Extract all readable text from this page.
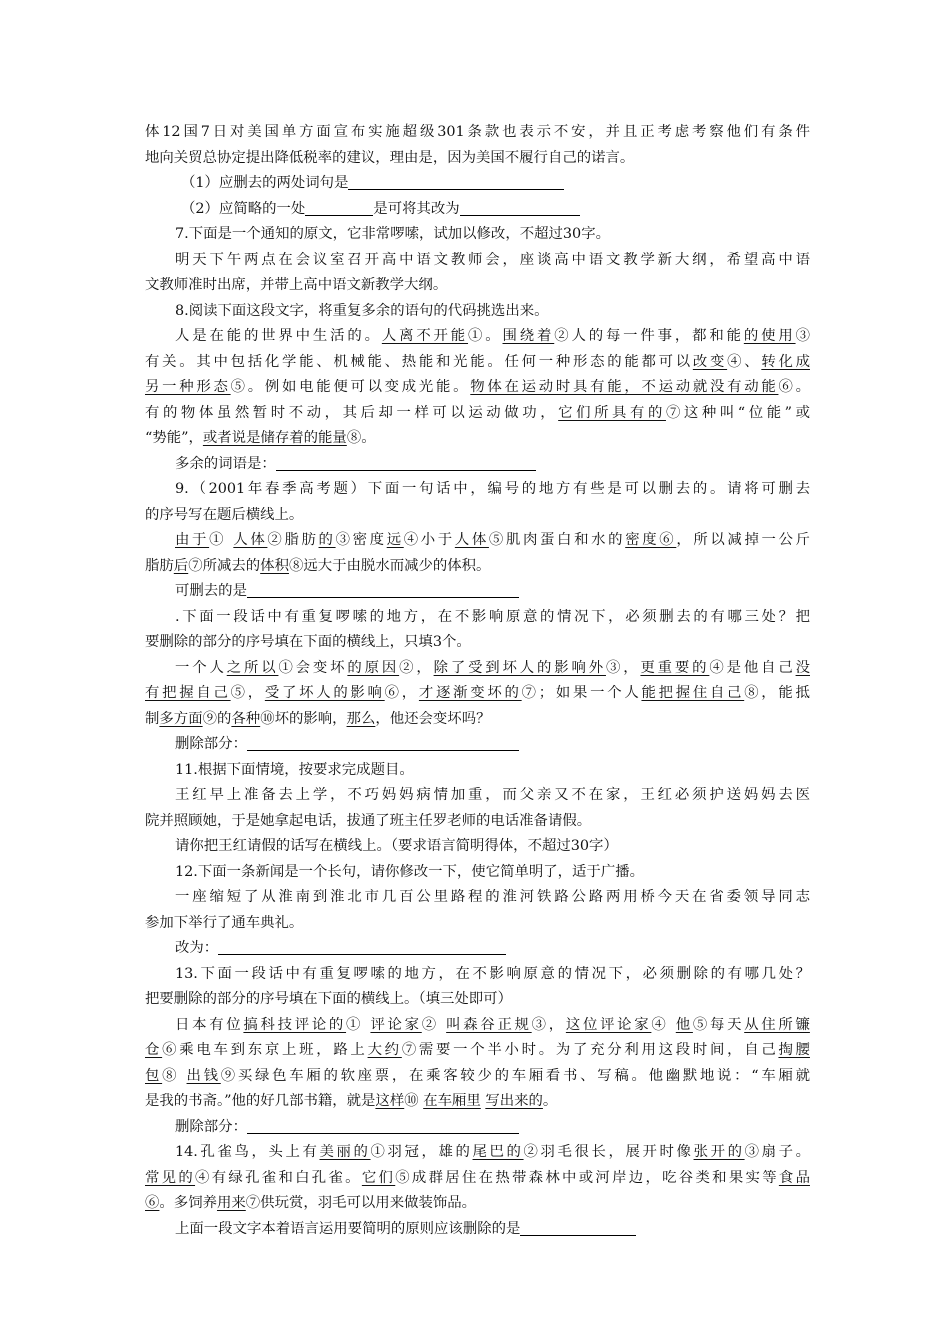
体12国7日对美国单方面宣布实施超级301条款也表示不安，并且正考虑考察他们有条件
地向关贸总协定提出降低税率的建议，理由是，因为美国不履行自己的诺言。
（1）应删去的两处词句是
（2）应简略的一处	是可将其改为
7.下面是一个通知的原文，它非常啰嗦，试加以修改，不超过30字。
明天下午两点在会议室召开高中语文教师会，座谈高中语文教学新大纲，希望高中语
文教师准时出席，并带上高中语文新教学大纲。
8.阅读下面这段文字，将重复多余的语句的代码挑选出来。
人是在能的世界中生活的。人离不开能①。围绕着②人的每一件事，都和能的使用③
有关。其中包括化学能、机械能、热能和光能。任何一种形态的能都可以改变④、转化成
另一种形态⑤。例如电能便可以变成光能。物体在运动时具有能，不运动就没有动能⑥。
有的物体虽然暂时不动，其后却一样可以运动做功，它们所具有的⑦这种叫“位能”或
“势能”，或者说是储存着的能量⑧。
多余的词语是：
9.（2001年春季高考题）下面一句话中，编号的地方有些是可以删去的。请将可删去
的序号写在题后横线上。
由于① 人体②脂肪的③密度远④小于人体⑤肌肉蛋白和水的密度⑥，所以减掉一公斤
脂肪后⑦所减去的体积⑧远大于由脱水而减少的体积。
可删去的是
.下面一段话中有重复啰嗦的地方，在不影响原意的情况下，必须删去的有哪三处？把
要删除的部分的序号填在下面的横线上，只填3个。
一个人之所以①会变坏的原因②，除了受到坏人的影响外③，更重要的④是他自己没
有把握自己⑤，受了坏人的影响⑥，才逐渐变坏的⑦；如果一个人能把握住自己⑧，能抵
制多方面⑨的各种⑩坏的影响，那么，他还会变坏吗？
删除部分：
11.根据下面情境，按要求完成题目。
王红早上准备去上学，不巧妈妈病情加重，而父亲又不在家，王红必须护送妈妈去医
院并照顾她，于是她拿起电话，拔通了班主任罗老师的电话准备请假。
请你把王红请假的话写在横线上。（要求语言简明得体，不超过30字）
12.下面一条新闻是一个长句，请你修改一下，使它简单明了，适于广播。
一座缩短了从淮南到淮北市几百公里路程的淮河铁路公路两用桥今天在省委领导同志
参加下举行了通车典礼。
改为：
13.下面一段话中有重复啰嗦的地方，在不影响原意的情况下，必须删除的有哪几处？
把要删除的部分的序号填在下面的横线上。（填三处即可）
日本有位搞科技评论的① 评论家② 叫森谷正规③，这位评论家④ 他⑤每天从住所镰
仓⑥乘电车到东京上班，路上大约⑦需要一个半小时。为了充分利用这段时间，自己掏腰
包⑧ 出钱⑨买绿色车厢的软座票，在乘客较少的车厢看书、写稿。他幽默地说：“车厢就
是我的书斋。”他的好几部书籍，就是这样⑩ 在车厢里 写出来的。
删除部分：
14.孔雀鸟，头上有美丽的①羽冠，雄的尾巴的②羽毛很长，展开时像张开的③扇子。
常见的④有绿孔雀和白孔雀。它们⑤成群居住在热带森林中或河岸边，吃谷类和果实等食品
⑥。多饲养用来⑦供玩赏，羽毛可以用来做装饰品。
上面一段文字本着语言运用要简明的原则应该删除的是
